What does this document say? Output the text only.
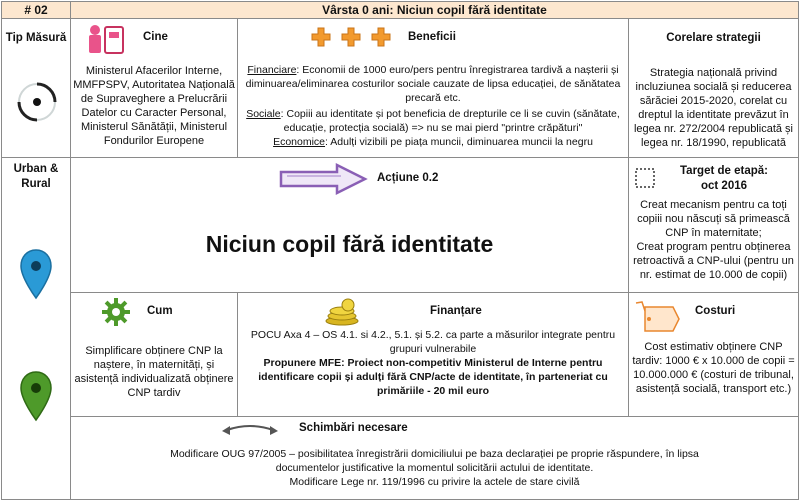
# 02	Vârsta 0 ani: Niciun copil fără identitate
Tip Măsură
Urban &
Rural
Cine
Ministerul Afacerilor Interne,
MMFPSPV, Autoritatea Națională
de Supraveghere a Prelucrării
Datelor cu Caracter Personal,
Ministerul Sănătății, Ministerul
Fondurilor Europene
Beneficii
Financiare: Economii de 1000 euro/pers pentru înregistrarea tardivă a nașterii și
diminuarea/eliminarea costurilor sociale cauzate de lipsa educației, de sănătatea
precară etc.
Sociale: Copiii au identitate și pot beneficia de drepturile ce li se cuvin (sănătate,
educație, protecția socială) => nu se mai pierd "printre crăpături"
Economice: Adulți vizibili pe piața muncii, diminuarea muncii la negru
Corelare strategii
Strategia națională privind
incluziunea socială și reducerea
sărăciei 2015-2020, corelat cu
dreptul la identitate prevăzut în
legea nr. 272/2004 republicată și
legea nr. 18/1990, republicată
Acțiune 0.2
Niciun copil fără identitate
Target de etapă:
oct 2016
Creat mecanism pentru ca toți
copiii nou născuți să primească
CNP în maternitate;
Creat program pentru obținerea
retroactivă a CNP-ului (pentru un
nr. estimat de 10.000 de copii)
Cum
Simplificare obținere CNP la
naștere, în maternități, și
asistență individualizată obținere
CNP tardiv
Finanțare
POCU Axa 4 – OS 4.1. si 4.2., 5.1. și 5.2. ca parte a măsurilor integrate pentru
grupuri vulnerabile
Propunere MFE: Proiect non-competitiv Ministerul de Interne pentru
identificare copii și adulți fără CNP/acte de identitate, în parteneriat cu
primăriile - 20 mil euro
Costuri
Cost estimativ obținere CNP
tardiv: 1000 € x 10.000 de copii =
10.000.000 € (costuri de tribunal,
asistență socială, transport etc.)
Schimbări necesare
Modificare OUG 97/2005 – posibilitatea înregistrării domiciliului pe baza declarației pe proprie răspundere, în lipsa
documentelor justificative la momentul solicitării actului de identitate.
Modificare Lege nr. 119/1996 cu privire la actele de stare civilă
